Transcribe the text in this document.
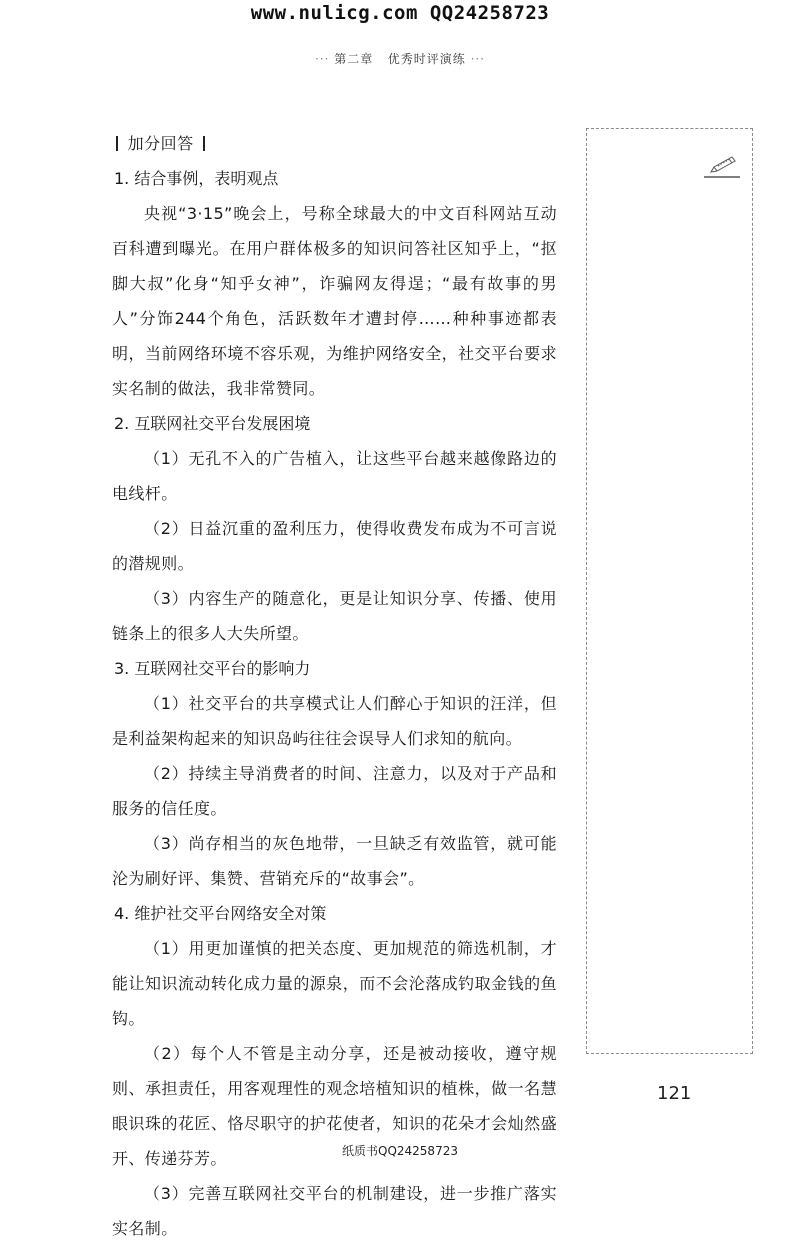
www.nulicg.com QQ24258723
··· 第二章 优秀时评演练 ···

加分回答

1. 结合事例，表明观点

央视“3·15”晚会上，号称全球最大的中文百科网站互动百科遭到曝光。在用户群体极多的知识问答社区知乎上，“抠脚大叔”化身“知乎女神”，诈骗网友得逞；“最有故事的男人”分饰244个角色，活跃数年才遭封停……种种事迹都表明，当前网络环境不容乐观，为维护网络安全，社交平台要求实名制的做法，我非常赞同。

2. 互联网社交平台发展困境

（1）无孔不入的广告植入，让这些平台越来越像路边的电线杆。

（2）日益沉重的盈利压力，使得收费发布成为不可言说的潜规则。

（3）内容生产的随意化，更是让知识分享、传播、使用链条上的很多人大失所望。

3. 互联网社交平台的影响力

（1）社交平台的共享模式让人们醉心于知识的汪洋，但是利益架构起来的知识岛屿往往会误导人们求知的航向。

（2）持续主导消费者的时间、注意力，以及对于产品和服务的信任度。

（3）尚存相当的灰色地带，一旦缺乏有效监管，就可能沦为刷好评、集赞、营销充斥的“故事会”。

4. 维护社交平台网络安全对策

（1）用更加谨慎的把关态度、更加规范的筛选机制，才能让知识流动转化成力量的源泉，而不会沦落成钓取金钱的鱼钩。

（2）每个人不管是主动分享，还是被动接收，遵守规则、承担责任，用客观理性的观念培植知识的植株，做一名慧眼识珠的花匠、恪尽职守的护花使者，知识的花朵才会灿然盛开、传递芬芳。

（3）完善互联网社交平台的机制建设，进一步推广落实实名制。

121
纸质书QQ24258723
